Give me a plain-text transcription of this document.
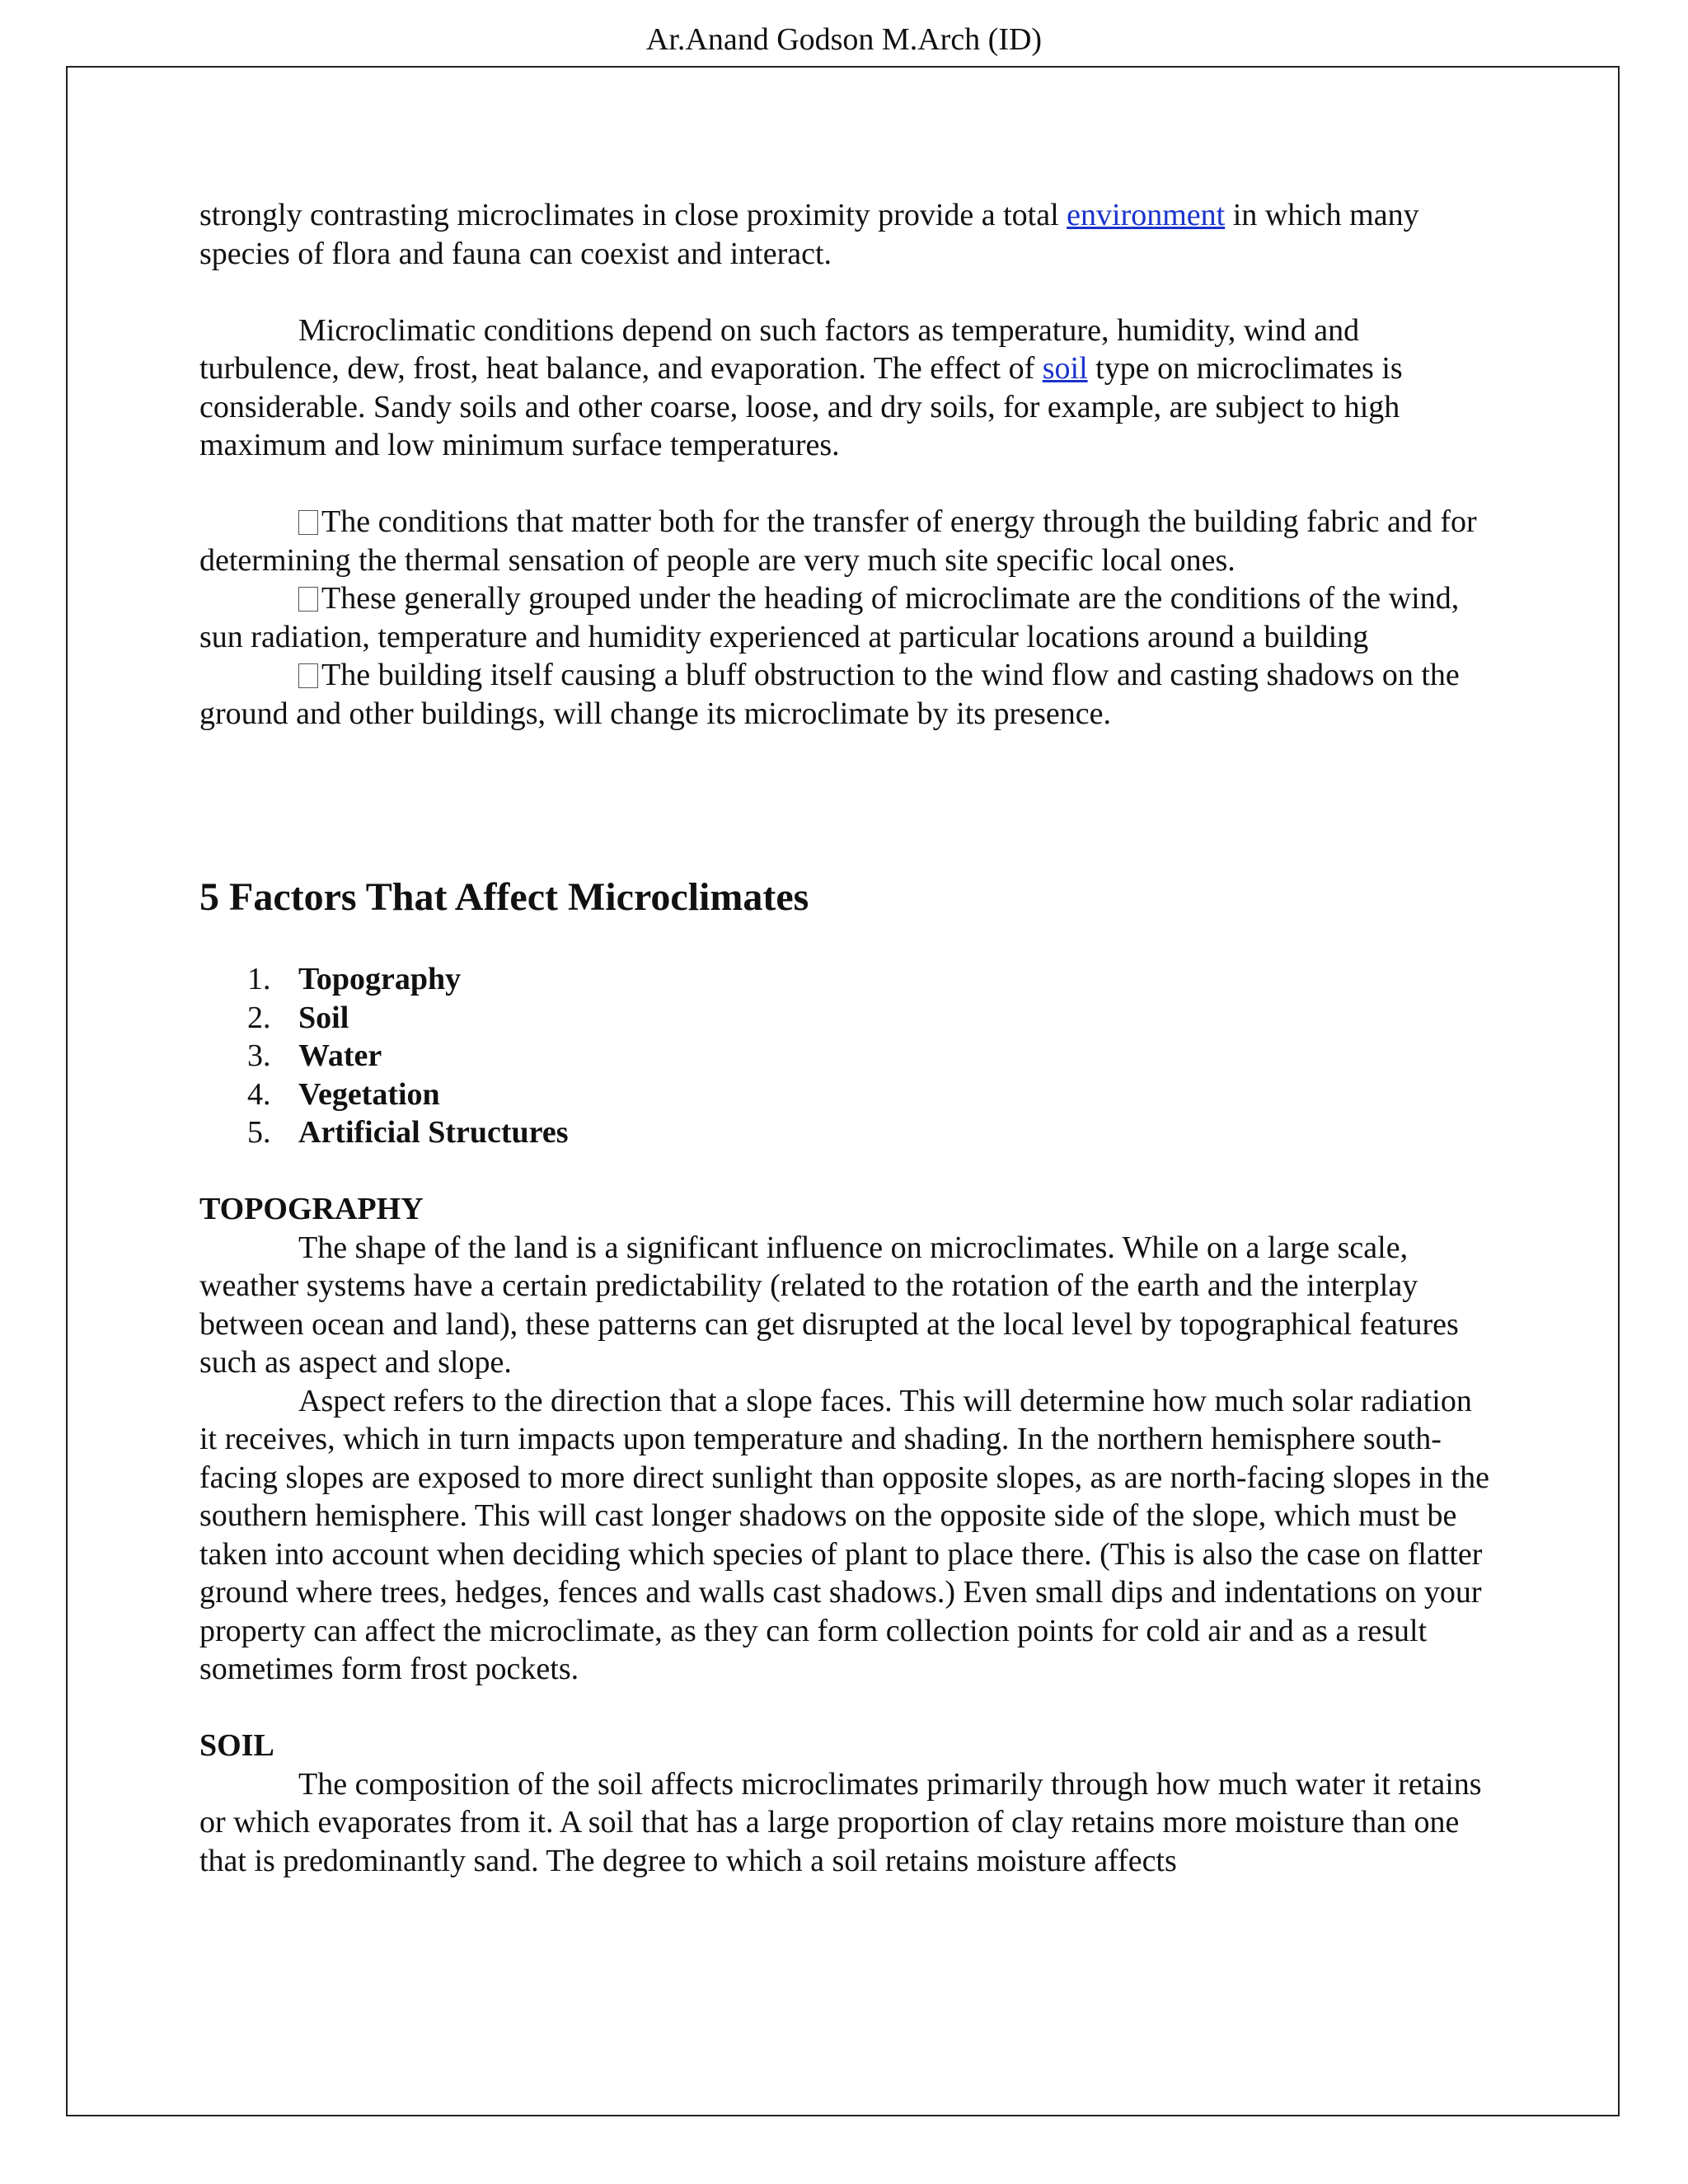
Ar.Anand Godson M.Arch (ID)

strongly contrasting microclimates in close proximity provide a total environment in which many species of flora and fauna can coexist and interact.

Microclimatic conditions depend on such factors as temperature, humidity, wind and turbulence, dew, frost, heat balance, and evaporation. The effect of soil type on microclimates is considerable. Sandy soils and other coarse, loose, and dry soils, for example, are subject to high maximum and low minimum surface temperatures.

The conditions that matter both for the transfer of energy through the building fabric and for determining the thermal sensation of people are very much site specific local ones.

These generally grouped under the heading of microclimate are the conditions of the wind, sun radiation, temperature and humidity experienced at particular locations around a building

The building itself causing a bluff obstruction to the wind flow and casting shadows on the ground and other buildings, will change its microclimate by its presence.

5 Factors That Affect Microclimates
1. Topography
2. Soil
3. Water
4. Vegetation
5. Artificial Structures

TOPOGRAPHY

The shape of the land is a significant influence on microclimates. While on a large scale, weather systems have a certain predictability (related to the rotation of the earth and the interplay between ocean and land), these patterns can get disrupted at the local level by topographical features such as aspect and slope.

Aspect refers to the direction that a slope faces. This will determine how much solar radiation it receives, which in turn impacts upon temperature and shading. In the northern hemisphere south-facing slopes are exposed to more direct sunlight than opposite slopes, as are north-facing slopes in the southern hemisphere. This will cast longer shadows on the opposite side of the slope, which must be taken into account when deciding which species of plant to place there. (This is also the case on flatter ground where trees, hedges, fences and walls cast shadows.) Even small dips and indentations on your property can affect the microclimate, as they can form collection points for cold air and as a result sometimes form frost pockets.

SOIL

The composition of the soil affects microclimates primarily through how much water it retains or which evaporates from it. A soil that has a large proportion of clay retains more moisture than one that is predominantly sand. The degree to which a soil retains moisture affects
